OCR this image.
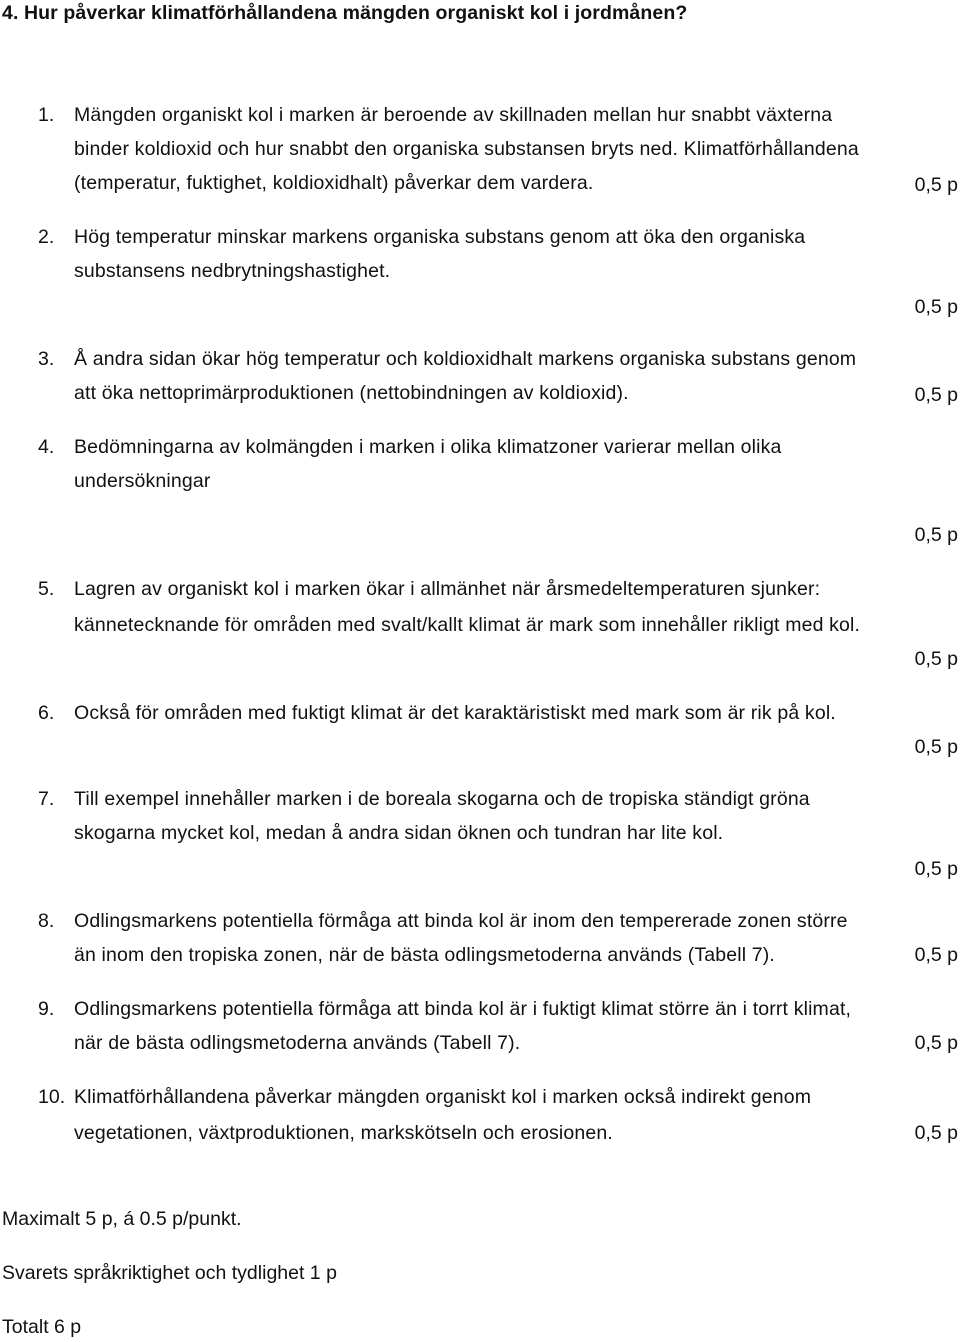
4. Hur påverkar klimatförhållandena mängden organiskt kol i jordmånen?
1. Mängden organiskt kol i marken är beroende av skillnaden mellan hur snabbt växterna
binder koldioxid och hur snabbt den organiska substansen bryts ned. Klimatförhållandena
(temperatur, fuktighet, koldioxidhalt) påverkar dem vardera.	0,5 p
2. Hög temperatur minskar markens organiska substans genom att öka den organiska
substansens nedbrytningshastighet.
0,5 p
3. Å andra sidan ökar hög temperatur och koldioxidhalt markens organiska substans genom
att öka nettoprimärproduktionen (nettobindningen av koldioxid).	0,5 p
4. Bedömningarna av kolmängden i marken i olika klimatzoner varierar mellan olika
undersökningar
0,5 p
5. Lagren av organiskt kol i marken ökar i allmänhet när årsmedeltemperaturen sjunker:
kännetecknande för områden med svalt/kallt klimat är mark som innehåller rikligt med kol.
0,5 p
6. Också för områden med fuktigt klimat är det karaktäristiskt med mark som är rik på kol.
0,5 p
7. Till exempel innehåller marken i de boreala skogarna och de tropiska ständigt gröna
skogarna mycket kol, medan å andra sidan öknen och tundran har lite kol.
0,5 p
8. Odlingsmarkens potentiella förmåga att binda kol är inom den tempererade zonen större
än inom den tropiska zonen, när de bästa odlingsmetoderna används (Tabell 7).	0,5 p
9. Odlingsmarkens potentiella förmåga att binda kol är i fuktigt klimat större än i torrt klimat,
när de bästa odlingsmetoderna används (Tabell 7).	0,5 p
10. Klimatförhållandena påverkar mängden organiskt kol i marken också indirekt genom
vegetationen, växtproduktionen, markskötseln och erosionen.	0,5 p
Maximalt 5 p, á 0.5 p/punkt.
Svarets språkriktighet och tydlighet 1 p
Totalt 6 p
